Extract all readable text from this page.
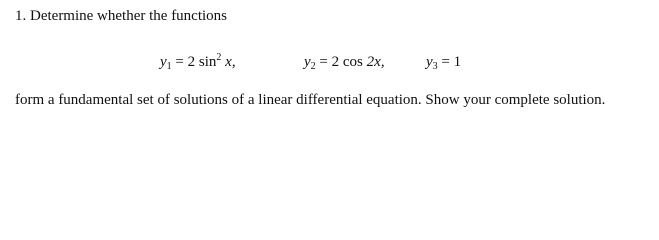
1. Determine whether the functions

$y_1 = 2$ $\sin^2 x$,	$y_2 = 2$ cos 2x,	$y_3 = 1$

form a fundamental set of solutions of a linear differential equation. Show your complete solution.
